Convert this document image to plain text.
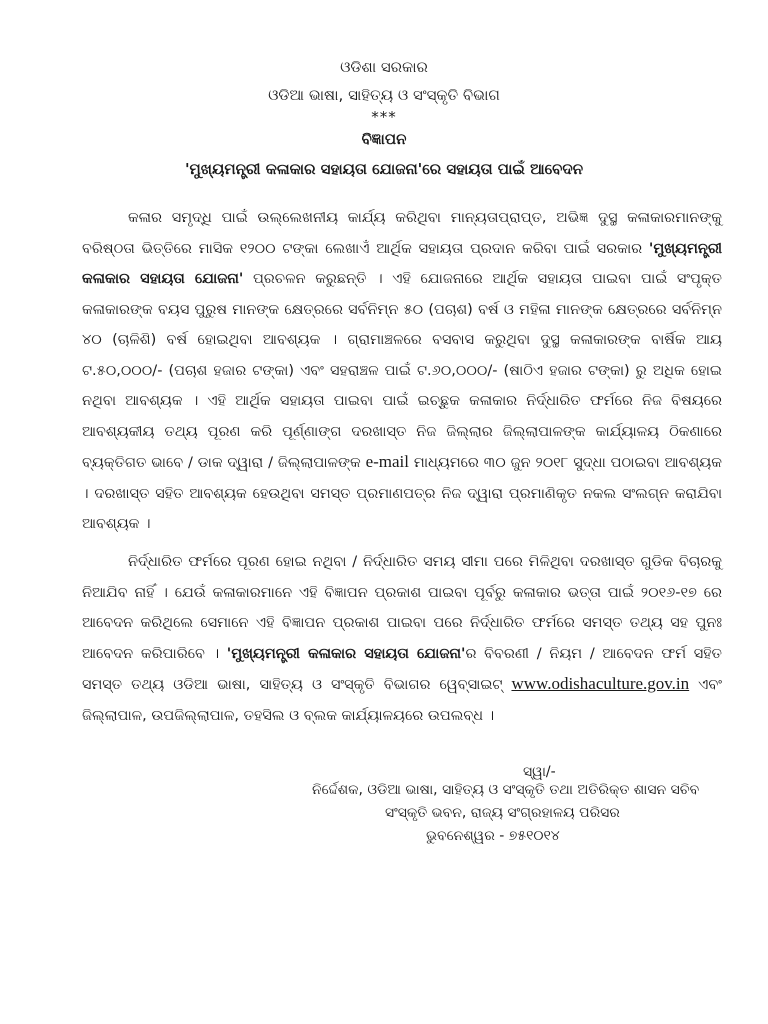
ଓଡିଶା ସରକାର
ଓଡିଆ ଭାଷା, ସାହିତ୍ୟ ଓ ସଂସ୍କୃତି ବିଭାଗ
***
ବିଜ୍ଞାପନ
'ମୁଖ୍ୟମନ୍ତ୍ରୀ କଳାକାର ସହାୟତା ଯୋଜନା'ରେ ସହାୟତା ପାଇଁ ଆବେଦନ
କଳାର ସମୃଦ୍ଧି ପାଇଁ ଉଲ୍ଲେଖନୀୟ କାର୍ଯ୍ୟ କରିଥିବା ମାନ୍ୟତାପ୍ରାପ୍ତ, ଅଭିଜ୍ଞ ଦୁସ୍ଥ କଳାକାରମାନଙ୍କୁ ବରିଷ୍ଠତା ଭିତ୍ତିରେ ମାସିକ ୧୨୦୦ ଟଙ୍କା ଲେଖାଏଁ ଆର୍ଥିକ ସହାୟତା ପ୍ରଦାନ କରିବା ପାଇଁ ସରକାର 'ମୁଖ୍ୟମନ୍ତ୍ରୀ କଳାକାର ସହାୟତା ଯୋଜନା' ପ୍ରଚଳନ କରୁଛନ୍ତି । ଏହି ଯୋଜନାରେ ଆର୍ଥିକ ସହାୟତା ପାଇବା ପାଇଁ ସଂପୃକ୍ତ କଳାକାରଙ୍କ ବୟସ ପୁରୁଷ ମାନଙ୍କ କ୍ଷେତ୍ରରେ ସର୍ବନିମ୍ନ ୫୦ (ପଚାଶ) ବର୍ଷ ଓ ମହିଳା ମାନଙ୍କ କ୍ଷେତ୍ରରେ ସର୍ବନିମ୍ନ ୪୦ (ଚାଳିଶି) ବର୍ଷ ହୋଇଥିବା ଆବଶ୍ୟକ । ଗ୍ରାମାଞ୍ଚଳରେ ବସବାସ କରୁଥିବା ଦୁସ୍ଥ କଳାକାରଙ୍କ ବାର୍ଷିକ ଆୟ ଟ.୫୦,୦୦୦/- (ପଚାଶ ହଜାର ଟଙ୍କା) ଏବଂ ସହରାଞ୍ଚଳ ପାଇଁ ଟ.୬୦,୦୦୦/- (ଷାଠିଏ ହଜାର ଟଙ୍କା) ରୁ ଅଧିକ ହୋଇ ନଥିବା ଆବଶ୍ୟକ । ଏହି ଆର୍ଥିକ ସହାୟତା ପାଇବା ପାଇଁ ଇଚ୍ଛୁକ କଳାକାର ନିର୍ଦ୍ଧାରିତ ଫର୍ମରେ ନିଜ ବିଷୟରେ ଆବଶ୍ୟକୀୟ ତଥ୍ୟ ପୂରଣ କରି ପୂର୍ଣ୍ଣାଙ୍ଗ ଦରଖାସ୍ତ ନିଜ ଜିଲ୍ଲାର ଜିଲ୍ଲାପାଳଙ୍କ କାର୍ଯ୍ୟାଳୟ ଠିକଣାରେ ବ୍ୟକ୍ତିଗତ ଭାବେ / ଡାକ ଦ୍ୱାରା / ଜିଲ୍ଲାପାଳଙ୍କ e-mail ମାଧ୍ୟମରେ ୩୦ ଜୁନ ୨୦୧୮ ସୁଦ୍ଧା ପଠାଇବା ଆବଶ୍ୟକ । ଦରଖାସ୍ତ ସହିତ ଆବଶ୍ୟକ ହେଉଥିବା ସମସ୍ତ ପ୍ରମାଣପତ୍ର ନିଜ ଦ୍ୱାରା ପ୍ରମାଣିକୃତ ନକଲ ସଂଲଗ୍ନ କରାଯିବା ଆବଶ୍ୟକ ।
ନିର୍ଦ୍ଧାରିତ ଫର୍ମରେ ପୂରଣ ହୋଇ ନଥିବା / ନିର୍ଦ୍ଧାରିତ ସମୟ ସୀମା ପରେ ମିଳିଥିବା ଦରଖାସ୍ତ ଗୁଡିକ ବିଚାରକୁ ନିଆଯିବ ନାହିଁ । ଯେଉଁ କଳାକାରମାନେ ଏହି ବିଜ୍ଞାପନ ପ୍ରକାଶ ପାଇବା ପୂର୍ବରୁ କଳାକାର ଭତ୍ତା ପାଇଁ ୨୦୧୬-୧୭ ରେ ଆବେଦନ କରିଥିଲେ ସେମାନେ ଏହି ବିଜ୍ଞାପନ ପ୍ରକାଶ ପାଇବା ପରେ ନିର୍ଦ୍ଧାରିତ ଫର୍ମରେ ସମସ୍ତ ତଥ୍ୟ ସହ ପୁନଃ ଆବେଦନ କରିପାରିବେ । 'ମୁଖ୍ୟମନ୍ତ୍ରୀ କଳାକାର ସହାୟତା ଯୋଜନା'ର ବିବରଣୀ / ନିୟମ / ଆବେଦନ ଫର୍ମ ସହିତ ସମସ୍ତ ତଥ୍ୟ ଓଡିଆ ଭାଷା, ସାହିତ୍ୟ ଓ ସଂସ୍କୃତି ବିଭାଗର ୱେବ୍‌ସାଇଟ୍ www.odishaculture.gov.in ଏବଂ ଜିଲ୍ଲାପାଳ, ଉପଜିଲ୍ଲାପାଳ, ତହସିଲ ଓ ବ୍ଲକ କାର୍ଯ୍ୟାଳୟରେ ଉପଲବ୍ଧ ।
ସ୍ୱା/-
ନିର୍ଦ୍ଦେଶକ, ଓଡିଆ ଭାଷା, ସାହିତ୍ୟ ଓ ସଂସ୍କୃତି ତଥା ଅତିରିକ୍ତ ଶାସନ ସଚିବ
ସଂସ୍କୃତି ଭବନ, ରାଜ୍ୟ ସଂଗ୍ରହାଳୟ ପରିସର
ଭୁବନେଶ୍ୱର - ୭୫୧୦୧୪
